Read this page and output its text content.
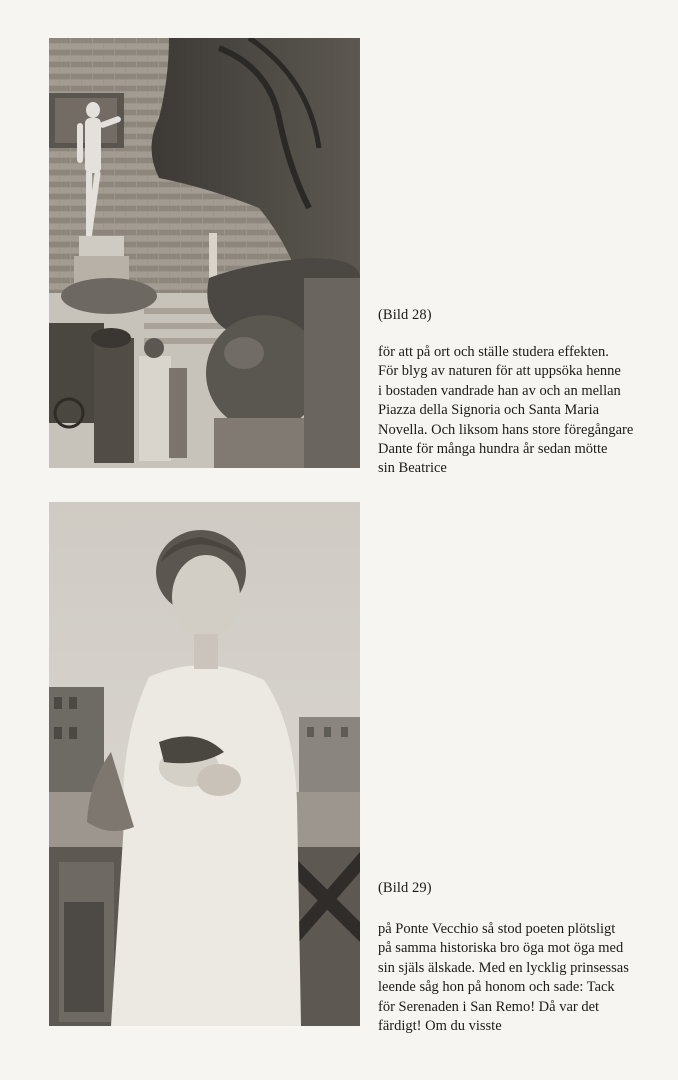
(Bild 28)
för att på ort och ställe studera effekten.
För blyg av naturen för att uppsöka henne
i bostaden vandrade han av och an mellan
Piazza della Signoria och Santa Maria
Novella. Och liksom hans store föregångare
Dante för många hundra år sedan mötte
sin Beatrice
(Bild 29)
på Ponte Vecchio så stod poeten plötsligt
på samma historiska bro öga mot öga med
sin själs älskade. Med en lycklig prinsessas
leende såg hon på honom och sade: Tack
för Serenaden i San Remo! Då var det
färdigt! Om du visste
